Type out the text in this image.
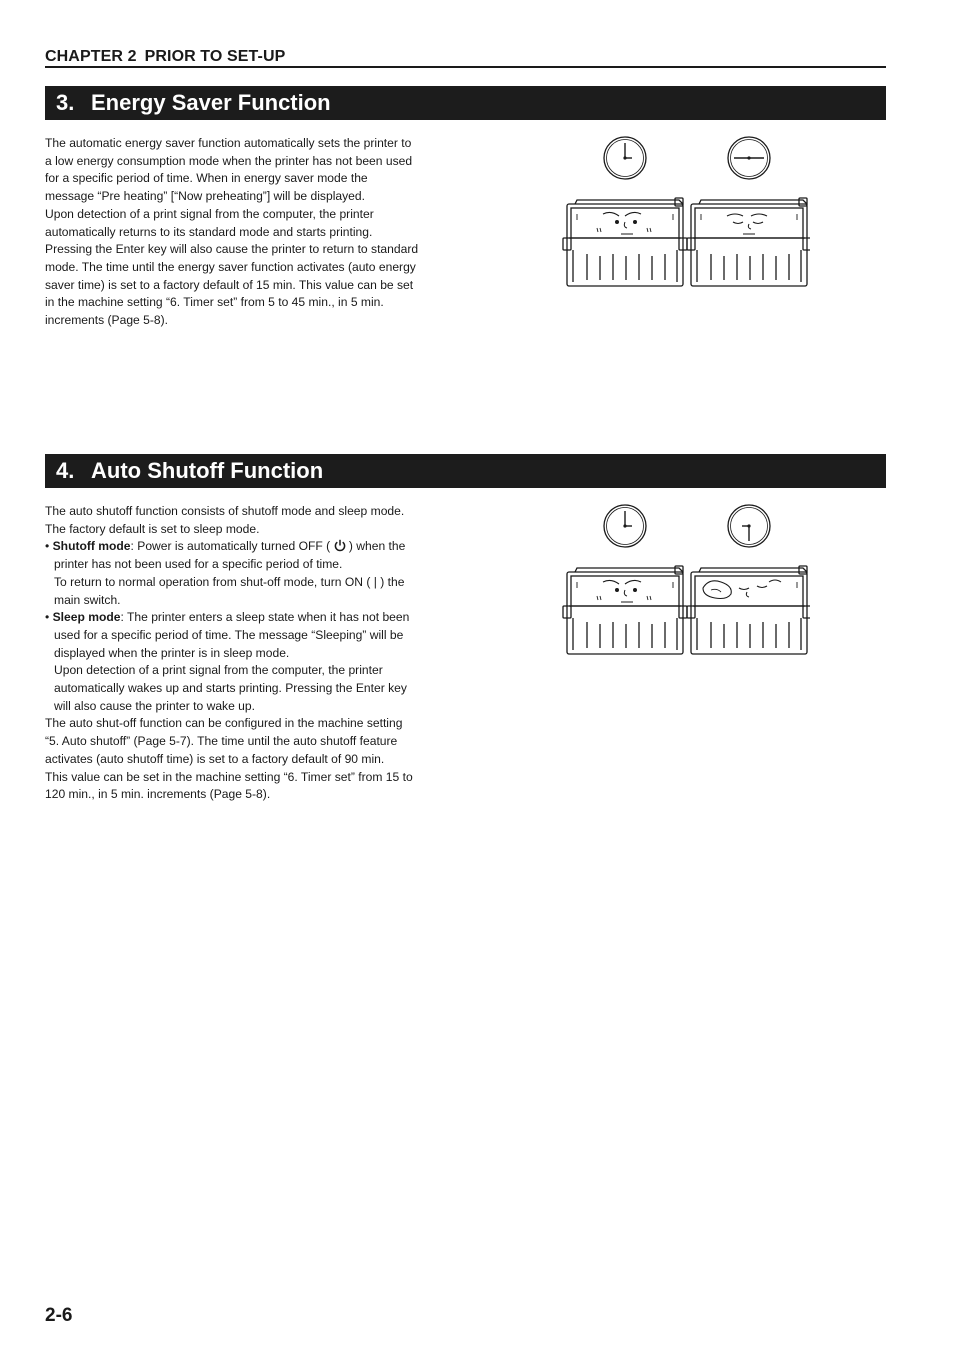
CHAPTER 2 PRIOR TO SET-UP
3. Energy Saver Function

The automatic energy saver function automatically sets the printer to

a low energy consumption mode when the printer has not been used

for a specific period of time. When in energy saver mode the

message “Pre heating” [“Now preheating”] will be displayed.

Upon detection of a print signal from the computer, the printer

automatically returns to its standard mode and starts printing.

Pressing the Enter key will also cause the printer to return to standard

mode. The time until the energy saver function activates (auto energy

saver time) is set to a factory default of 15 min. This value can be set

in the machine setting “6. Timer set” from 5 to 45 min., in 5 min.

increments (Page 5-8).

4. Auto Shutoff Function

The auto shutoff function consists of shutoff mode and sleep mode.

The factory default is set to sleep mode.

• Shutoff mode: Power is automatically turned OFF (  ) when the

printer has not been used for a specific period of time.

To return to normal operation from shut-off mode, turn ON ( | ) the

main switch.

• Sleep mode: The printer enters a sleep state when it has not been

used for a specific period of time. The message “Sleeping” will be

displayed when the printer is in sleep mode.

Upon detection of a print signal from the computer, the printer

automatically wakes up and starts printing. Pressing the Enter key

will also cause the printer to wake up.

The auto shut-off function can be configured in the machine setting

“5. Auto shutoff” (Page 5-7). The time until the auto shutoff feature

activates (auto shutoff time) is set to a factory default of 90 min.

This value can be set in the machine setting “6. Timer set” from 15 to

120 min., in 5 min. increments (Page 5-8).

2-6
